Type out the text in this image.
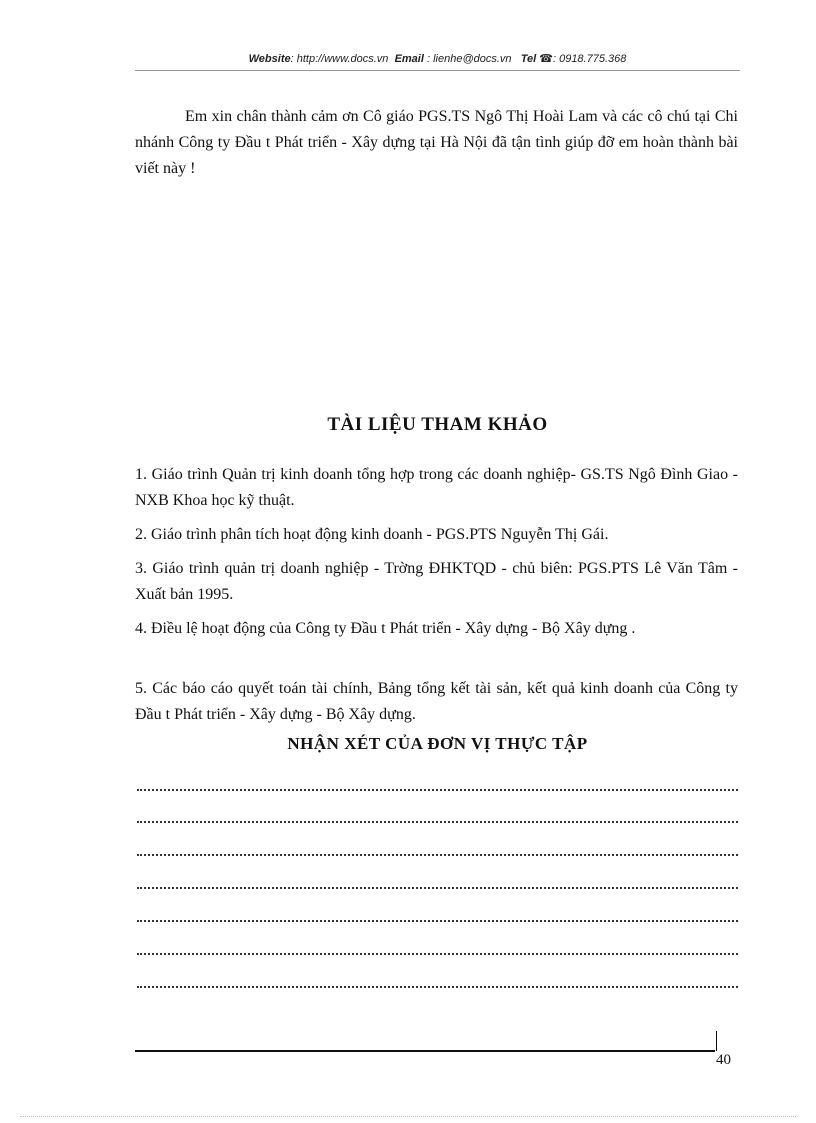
Website: http://www.docs.vn Email : lienhe@docs.vn Tel ☎: 0918.775.368
Em xin chân thành cảm ơn Cô giáo PGS.TS Ngô Thị Hoài Lam và các cô chú tại Chi nhánh Công ty Đầu t Phát triển - Xây dựng tại Hà Nội đã tận tình giúp đỡ em hoàn thành bài viết này !
TÀI LIỆU THAM KHẢO
1. Giáo trình Quản trị kinh doanh tổng hợp trong các doanh nghiệp- GS.TS Ngô Đình Giao - NXB Khoa học kỹ thuật.
2. Giáo trình phân tích hoạt động kinh doanh - PGS.PTS Nguyễn Thị Gái.
3. Giáo trình quản trị doanh nghiệp - Trờng ĐHKTQD - chủ biên: PGS.PTS Lê Văn Tâm - Xuất bản 1995.
4. Điều lệ hoạt động của Công ty Đầu t Phát triển - Xây dựng - Bộ Xây dựng .
5. Các báo cáo quyết toán tài chính, Bảng tổng kết tài sản, kết quả kinh doanh của Công ty Đầu t Phát triển - Xây dựng - Bộ Xây dựng.
NHẬN XÉT CỦA ĐƠN VỊ THỰC TẬP
40
